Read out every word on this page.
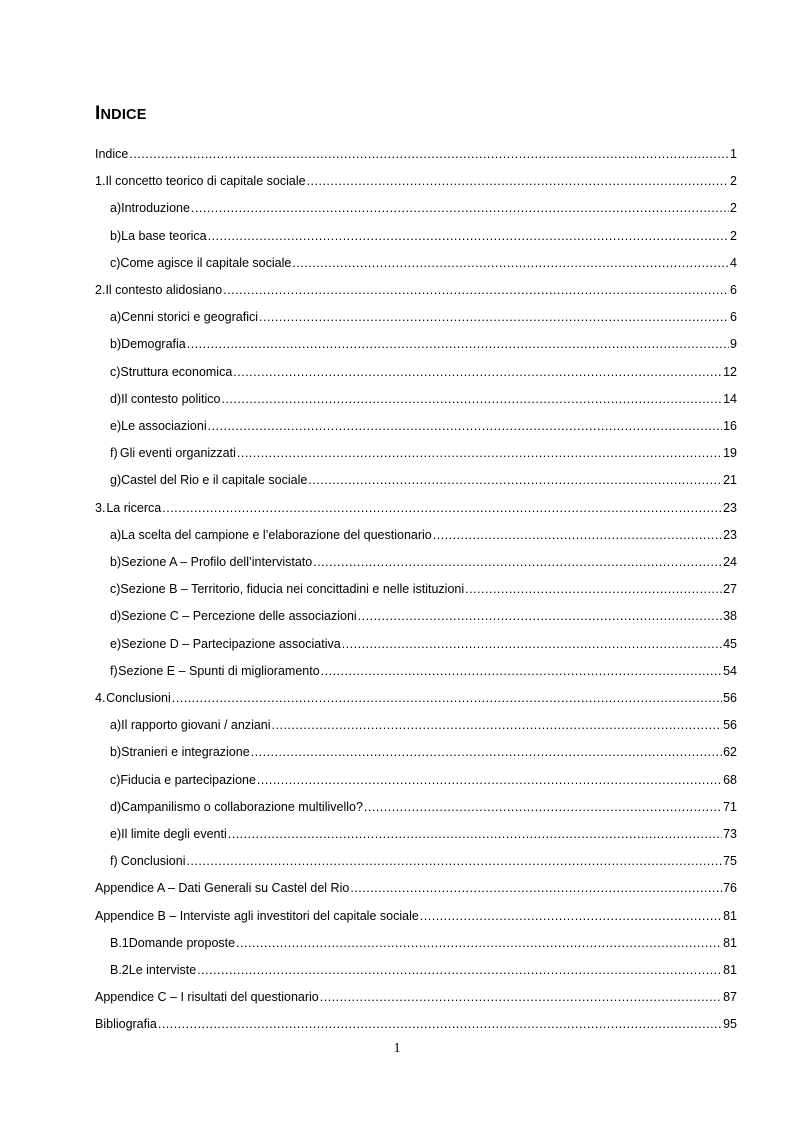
INDICE
Indice .....	1
1. Il concetto teorico di capitale sociale .....	2
a) Introduzione .....	2
b) La base teorica .....	2
c) Come agisce il capitale sociale .....	4
2. Il contesto alidosiano .....	6
a) Cenni storici e geografici .....	6
b) Demografia .....	9
c) Struttura economica .....	12
d) Il contesto politico .....	14
e) Le associazioni .....	16
f) Gli eventi organizzati .....	19
g) Castel del Rio e il capitale sociale .....	21
3. La ricerca .....	23
a) La scelta del campione e l’elaborazione del questionario .....	23
b) Sezione A – Profilo dell’intervistato .....	24
c) Sezione B – Territorio, fiducia nei concittadini e nelle istituzioni .....	27
d) Sezione C – Percezione delle associazioni .....	38
e) Sezione D – Partecipazione associativa .....	45
f) Sezione E – Spunti di miglioramento .....	54
4. Conclusioni .....	56
a) Il rapporto giovani / anziani .....	56
b) Stranieri e integrazione .....	62
c) Fiducia e partecipazione .....	68
d) Campanilismo o collaborazione multilivello? .....	71
e) Il limite degli eventi .....	73
f) Conclusioni .....	75
Appendice A – Dati Generali su Castel del Rio .....	76
Appendice B – Interviste agli investitori del capitale sociale .....	81
B.1 Domande proposte .....	81
B.2 Le interviste .....	81
Appendice C – I risultati del questionario .....	87
Bibliografia .....	95
1
